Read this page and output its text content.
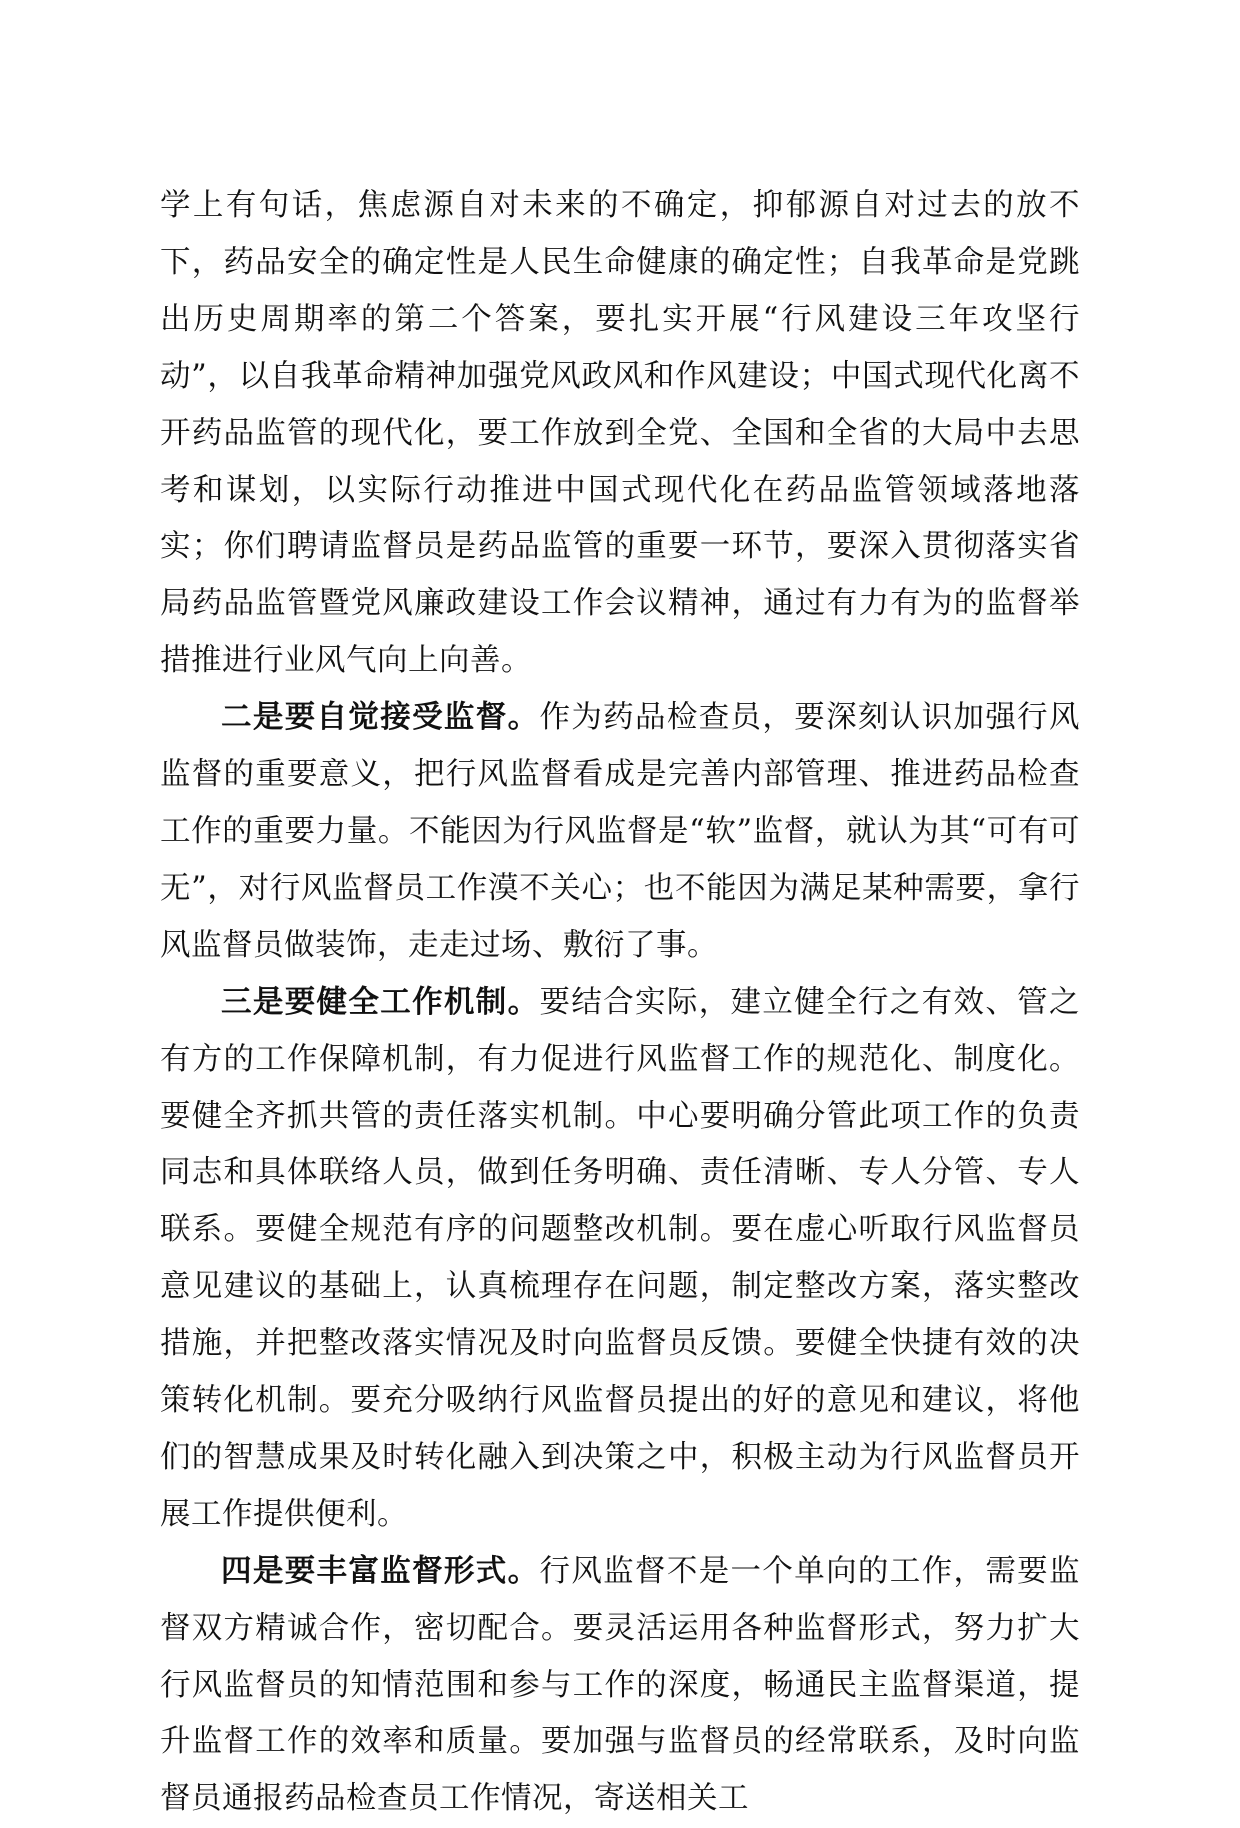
学上有句话，焦虑源自对未来的不确定，抑郁源自对过去的放不下，药品安全的确定性是人民生命健康的确定性；自我革命是党跳出历史周期率的第二个答案，要扎实开展“行风建设三年攻坚行动”，以自我革命精神加强党风政风和作风建设；中国式现代化离不开药品监管的现代化，要工作放到全党、全国和全省的大局中去思考和谋划，以实际行动推进中国式现代化在药品监管领域落地落实；你们聘请监督员是药品监管的重要一环节，要深入贯彻落实省局药品监管暨党风廉政建设工作会议精神，通过有力有为的监督举措推进行业风气向上向善。

二是要自觉接受监督。作为药品检查员，要深刻认识加强行风监督的重要意义，把行风监督看成是完善内部管理、推进药品检查工作的重要力量。不能因为行风监督是“软”监督，就认为其“可有可无”，对行风监督员工作漠不关心；也不能因为满足某种需要，拿行风监督员做装饰，走走过场、敷衍了事。

三是要健全工作机制。要结合实际，建立健全行之有效、管之有方的工作保障机制，有力促进行风监督工作的规范化、制度化。要健全齐抓共管的责任落实机制。中心要明确分管此项工作的负责同志和具体联络人员，做到任务明确、责任清晰、专人分管、专人联系。要健全规范有序的问题整改机制。要在虚心听取行风监督员意见建议的基础上，认真梳理存在问题，制定整改方案，落实整改措施，并把整改落实情况及时向监督员反馈。要健全快捷有效的决策转化机制。要充分吸纳行风监督员提出的好的意见和建议，将他们的智慧成果及时转化融入到决策之中，积极主动为行风监督员开展工作提供便利。

四是要丰富监督形式。行风监督不是一个单向的工作，需要监督双方精诚合作，密切配合。要灵活运用各种监督形式，努力扩大行风监督员的知情范围和参与工作的深度，畅通民主监督渠道，提升监督工作的效率和质量。要加强与监督员的经常联系，及时向监督员通报药品检查员工作情况，寄送相关工
